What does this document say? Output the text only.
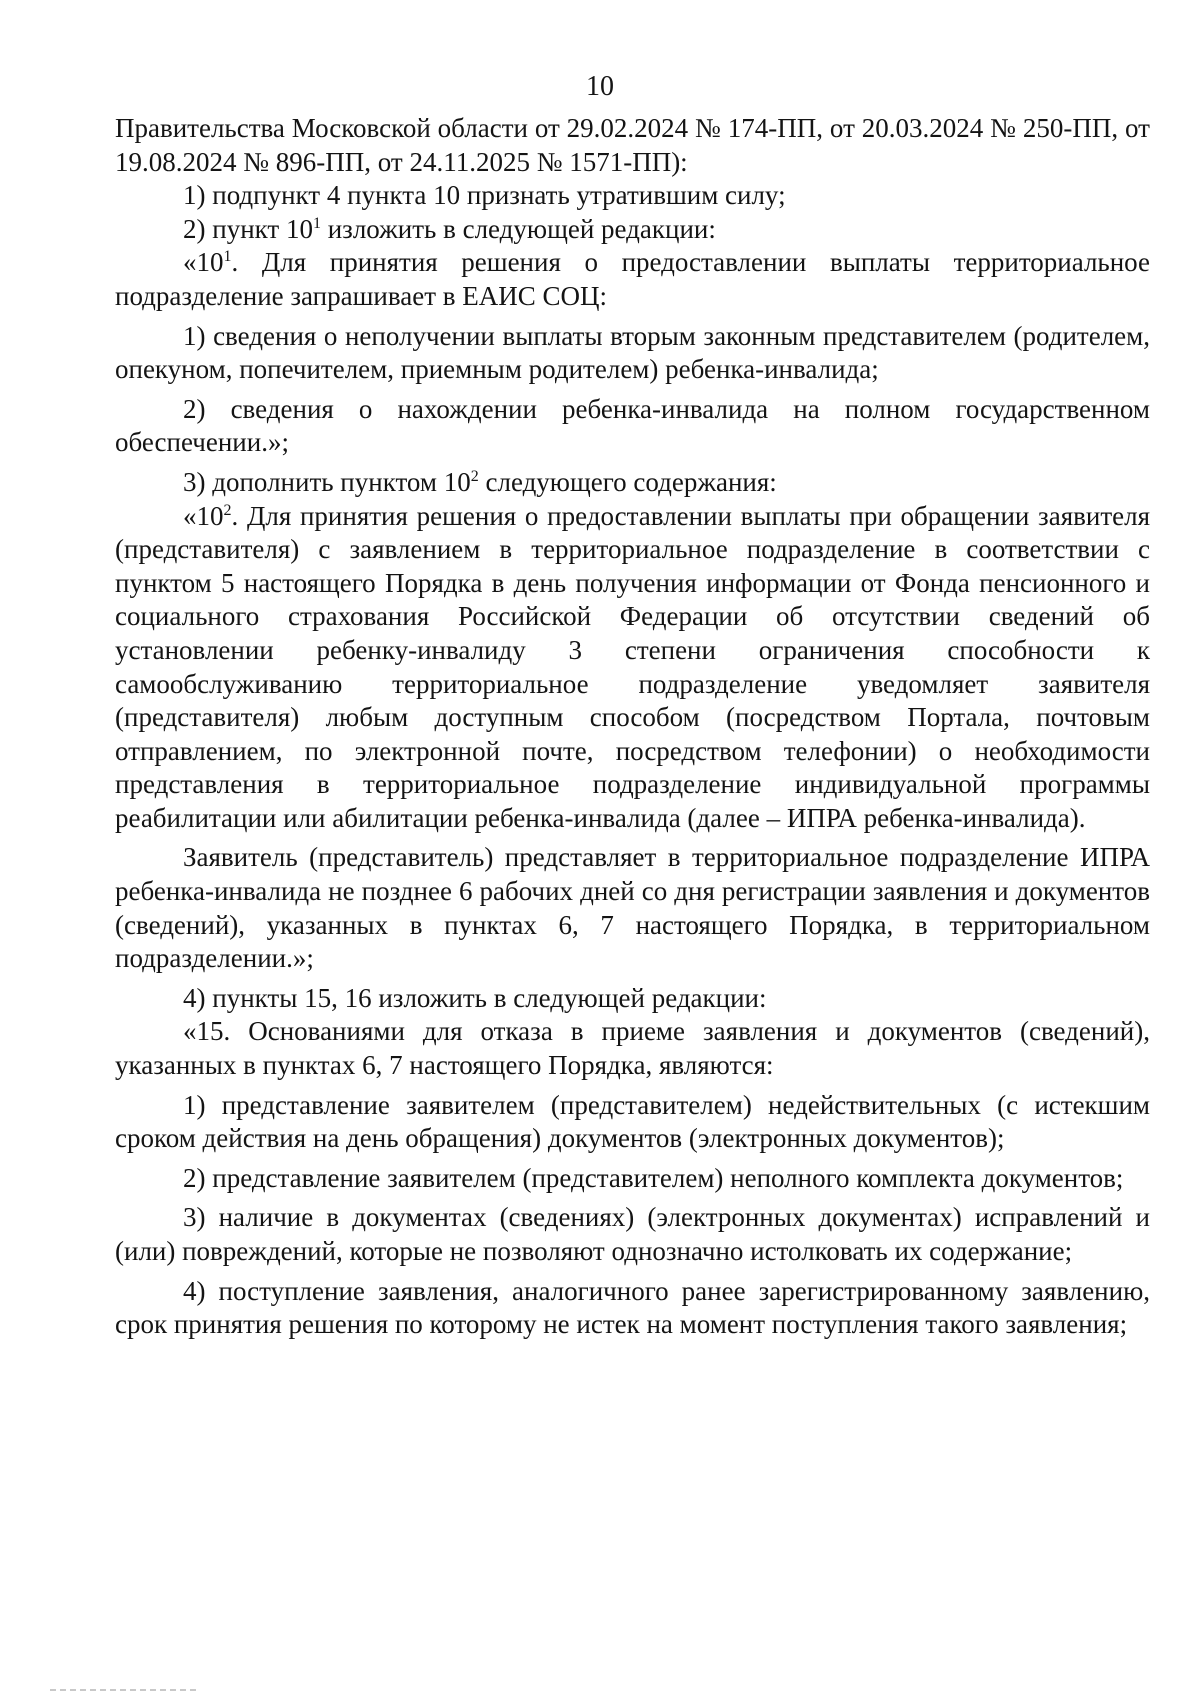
10

Правительства Московской области от 29.02.2024 № 174-ПП, от 20.03.2024 № 250-ПП, от 19.08.2024 № 896-ПП, от 24.11.2025 № 1571-ПП):

1) подпункт 4 пункта 10 признать утратившим силу;

2) пункт $10^1$ изложить в следующей редакции:

«$10^1$. Для принятия решения о предоставлении выплаты территориальное подразделение запрашивает в ЕАИС СОЦ:

1) сведения о неполучении выплаты вторым законным представителем (родителем, опекуном, попечителем, приемным родителем) ребенка-инвалида;

2) сведения о нахождении ребенка-инвалида на полном государственном обеспечении.»;

3) дополнить пунктом $10^2$ следующего содержания:

«$10^2$. Для принятия решения о предоставлении выплаты при обращении заявителя (представителя) с заявлением в территориальное подразделение в соответствии с пунктом 5 настоящего Порядка в день получения информации от Фонда пенсионного и социального страхования Российской Федерации об отсутствии сведений об установлении ребенку-инвалиду 3 степени ограничения способности к самообслуживанию территориальное подразделение уведомляет заявителя (представителя) любым доступным способом (посредством Портала, почтовым отправлением, по электронной почте, посредством телефонии) о необходимости представления в территориальное подразделение индивидуальной программы реабилитации или абилитации ребенка-инвалида (далее – ИПРА ребенка-инвалида).

Заявитель (представитель) представляет в территориальное подразделение ИПРА ребенка-инвалида не позднее 6 рабочих дней со дня регистрации заявления и документов (сведений), указанных в пунктах 6, 7 настоящего Порядка, в территориальном подразделении.»;

4) пункты 15, 16 изложить в следующей редакции:

«15. Основаниями для отказа в приеме заявления и документов (сведений), указанных в пунктах 6, 7 настоящего Порядка, являются:

1) представление заявителем (представителем) недействительных (с истекшим сроком действия на день обращения) документов (электронных документов);

2) представление заявителем (представителем) неполного комплекта документов;

3) наличие в документах (сведениях) (электронных документах) исправлений и (или) повреждений, которые не позволяют однозначно истолковать их содержание;

4) поступление заявления, аналогичного ранее зарегистрированному заявлению, срок принятия решения по которому не истек на момент поступления такого заявления;
